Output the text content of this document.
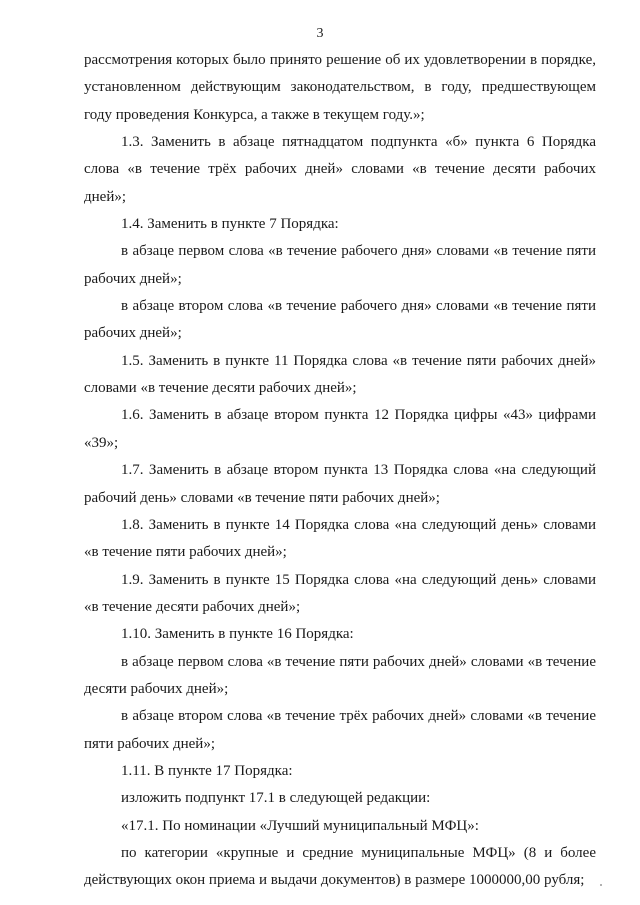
3

рассмотрения которых было принято решение об их удовлетворении в порядке, установленном действующим законодательством, в году, предшествующем году проведения Конкурса, а также в текущем году.»;

1.3. Заменить в абзаце пятнадцатом подпункта «б» пункта 6 Порядка слова «в течение трёх рабочих дней» словами «в течение десяти рабочих дней»;

1.4. Заменить в пункте 7 Порядка:

в абзаце первом слова «в течение рабочего дня» словами «в течение пяти рабочих дней»;

в абзаце втором слова «в течение рабочего дня» словами «в течение пяти рабочих дней»;

1.5. Заменить в пункте 11 Порядка слова «в течение пяти рабочих дней» словами «в течение десяти рабочих дней»;

1.6. Заменить в абзаце втором пункта 12 Порядка цифры «43» цифрами «39»;

1.7. Заменить в абзаце втором пункта 13 Порядка слова «на следующий рабочий день» словами «в течение пяти рабочих дней»;

1.8. Заменить в пункте 14 Порядка слова «на следующий день» словами «в течение пяти рабочих дней»;

1.9. Заменить в пункте 15 Порядка слова «на следующий день» словами «в течение десяти рабочих дней»;

1.10. Заменить в пункте 16 Порядка:

в абзаце первом слова «в течение пяти рабочих дней» словами «в течение десяти рабочих дней»;

в абзаце втором слова «в течение трёх рабочих дней» словами «в течение пяти рабочих дней»;

1.11. В пункте 17 Порядка:

изложить подпункт 17.1 в следующей редакции:

«17.1. По номинации «Лучший муниципальный МФЦ»:

по категории «крупные и средние муниципальные МФЦ» (8 и более действующих окон приема и выдачи документов) в размере 1000000,00 рубля;
